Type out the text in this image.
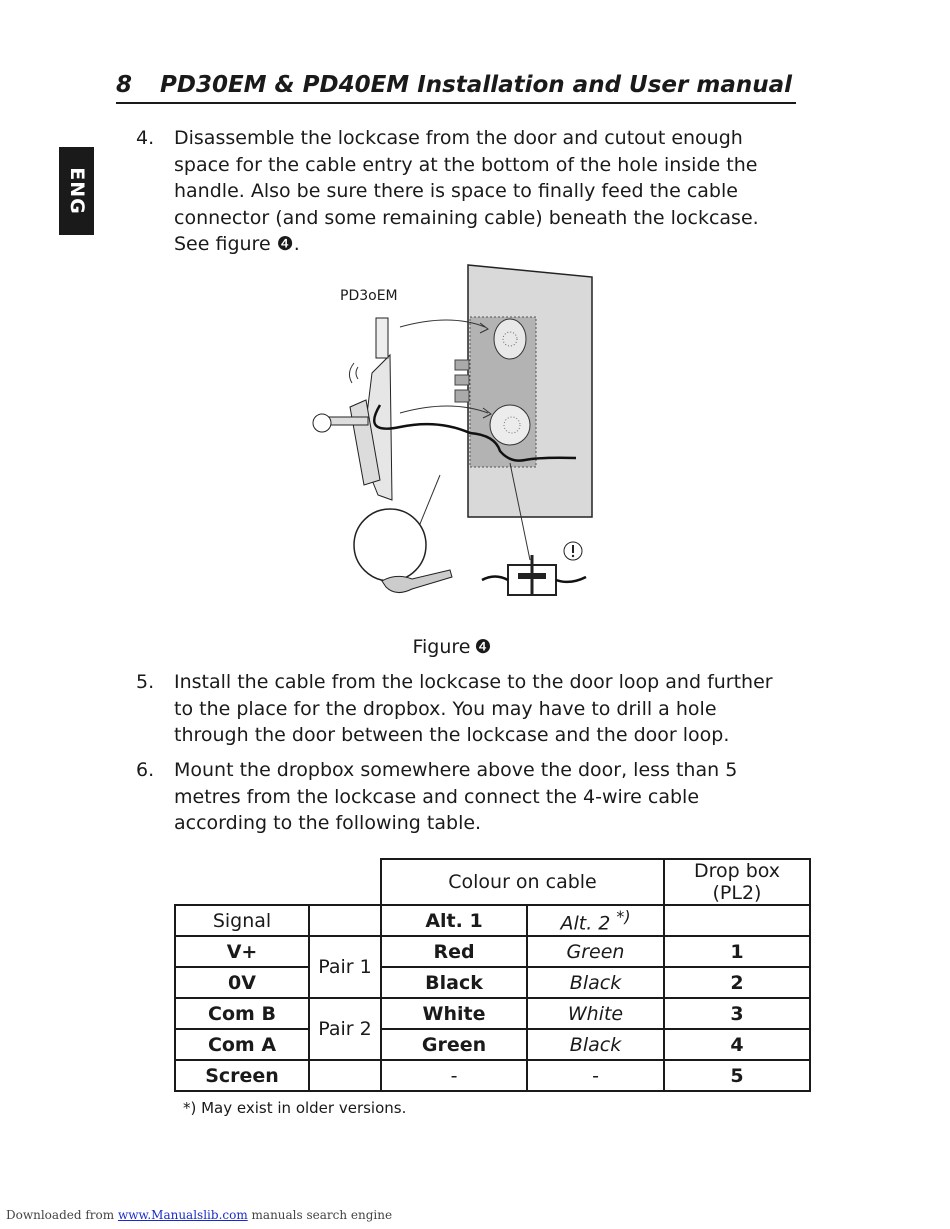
8 PD30EM & PD40EM Installation and User manual
ENG
4. Disassemble the lockcase from the door and cutout enough space for the cable entry at the bottom of the hole inside the handle. Also be sure there is space to finally feed the cable connector (and some remaining cable) beneath the lockcase. See figure ❹.
PD3oEM
Figure ❹
5. Install the cable from the lockcase to the door loop and further to the place for the dropbox. You may have to drill a hole through the door between the lockcase and the door loop.
6. Mount the dropbox somewhere above the door, less than 5 metres from the lockcase and connect the 4-wire cable according to the following table.
		Colour on cable		Drop box (PL2)
Signal		Alt. 1	Alt. 2 *)	
V+	Pair 1	Red	Green	1
0V		Black	Black	2
Com B	Pair 2	White	White	3
Com A		Green	Black	4
Screen		-	-	5
*) May exist in older versions.
Downloaded from www.Manualslib.com manuals search engine
